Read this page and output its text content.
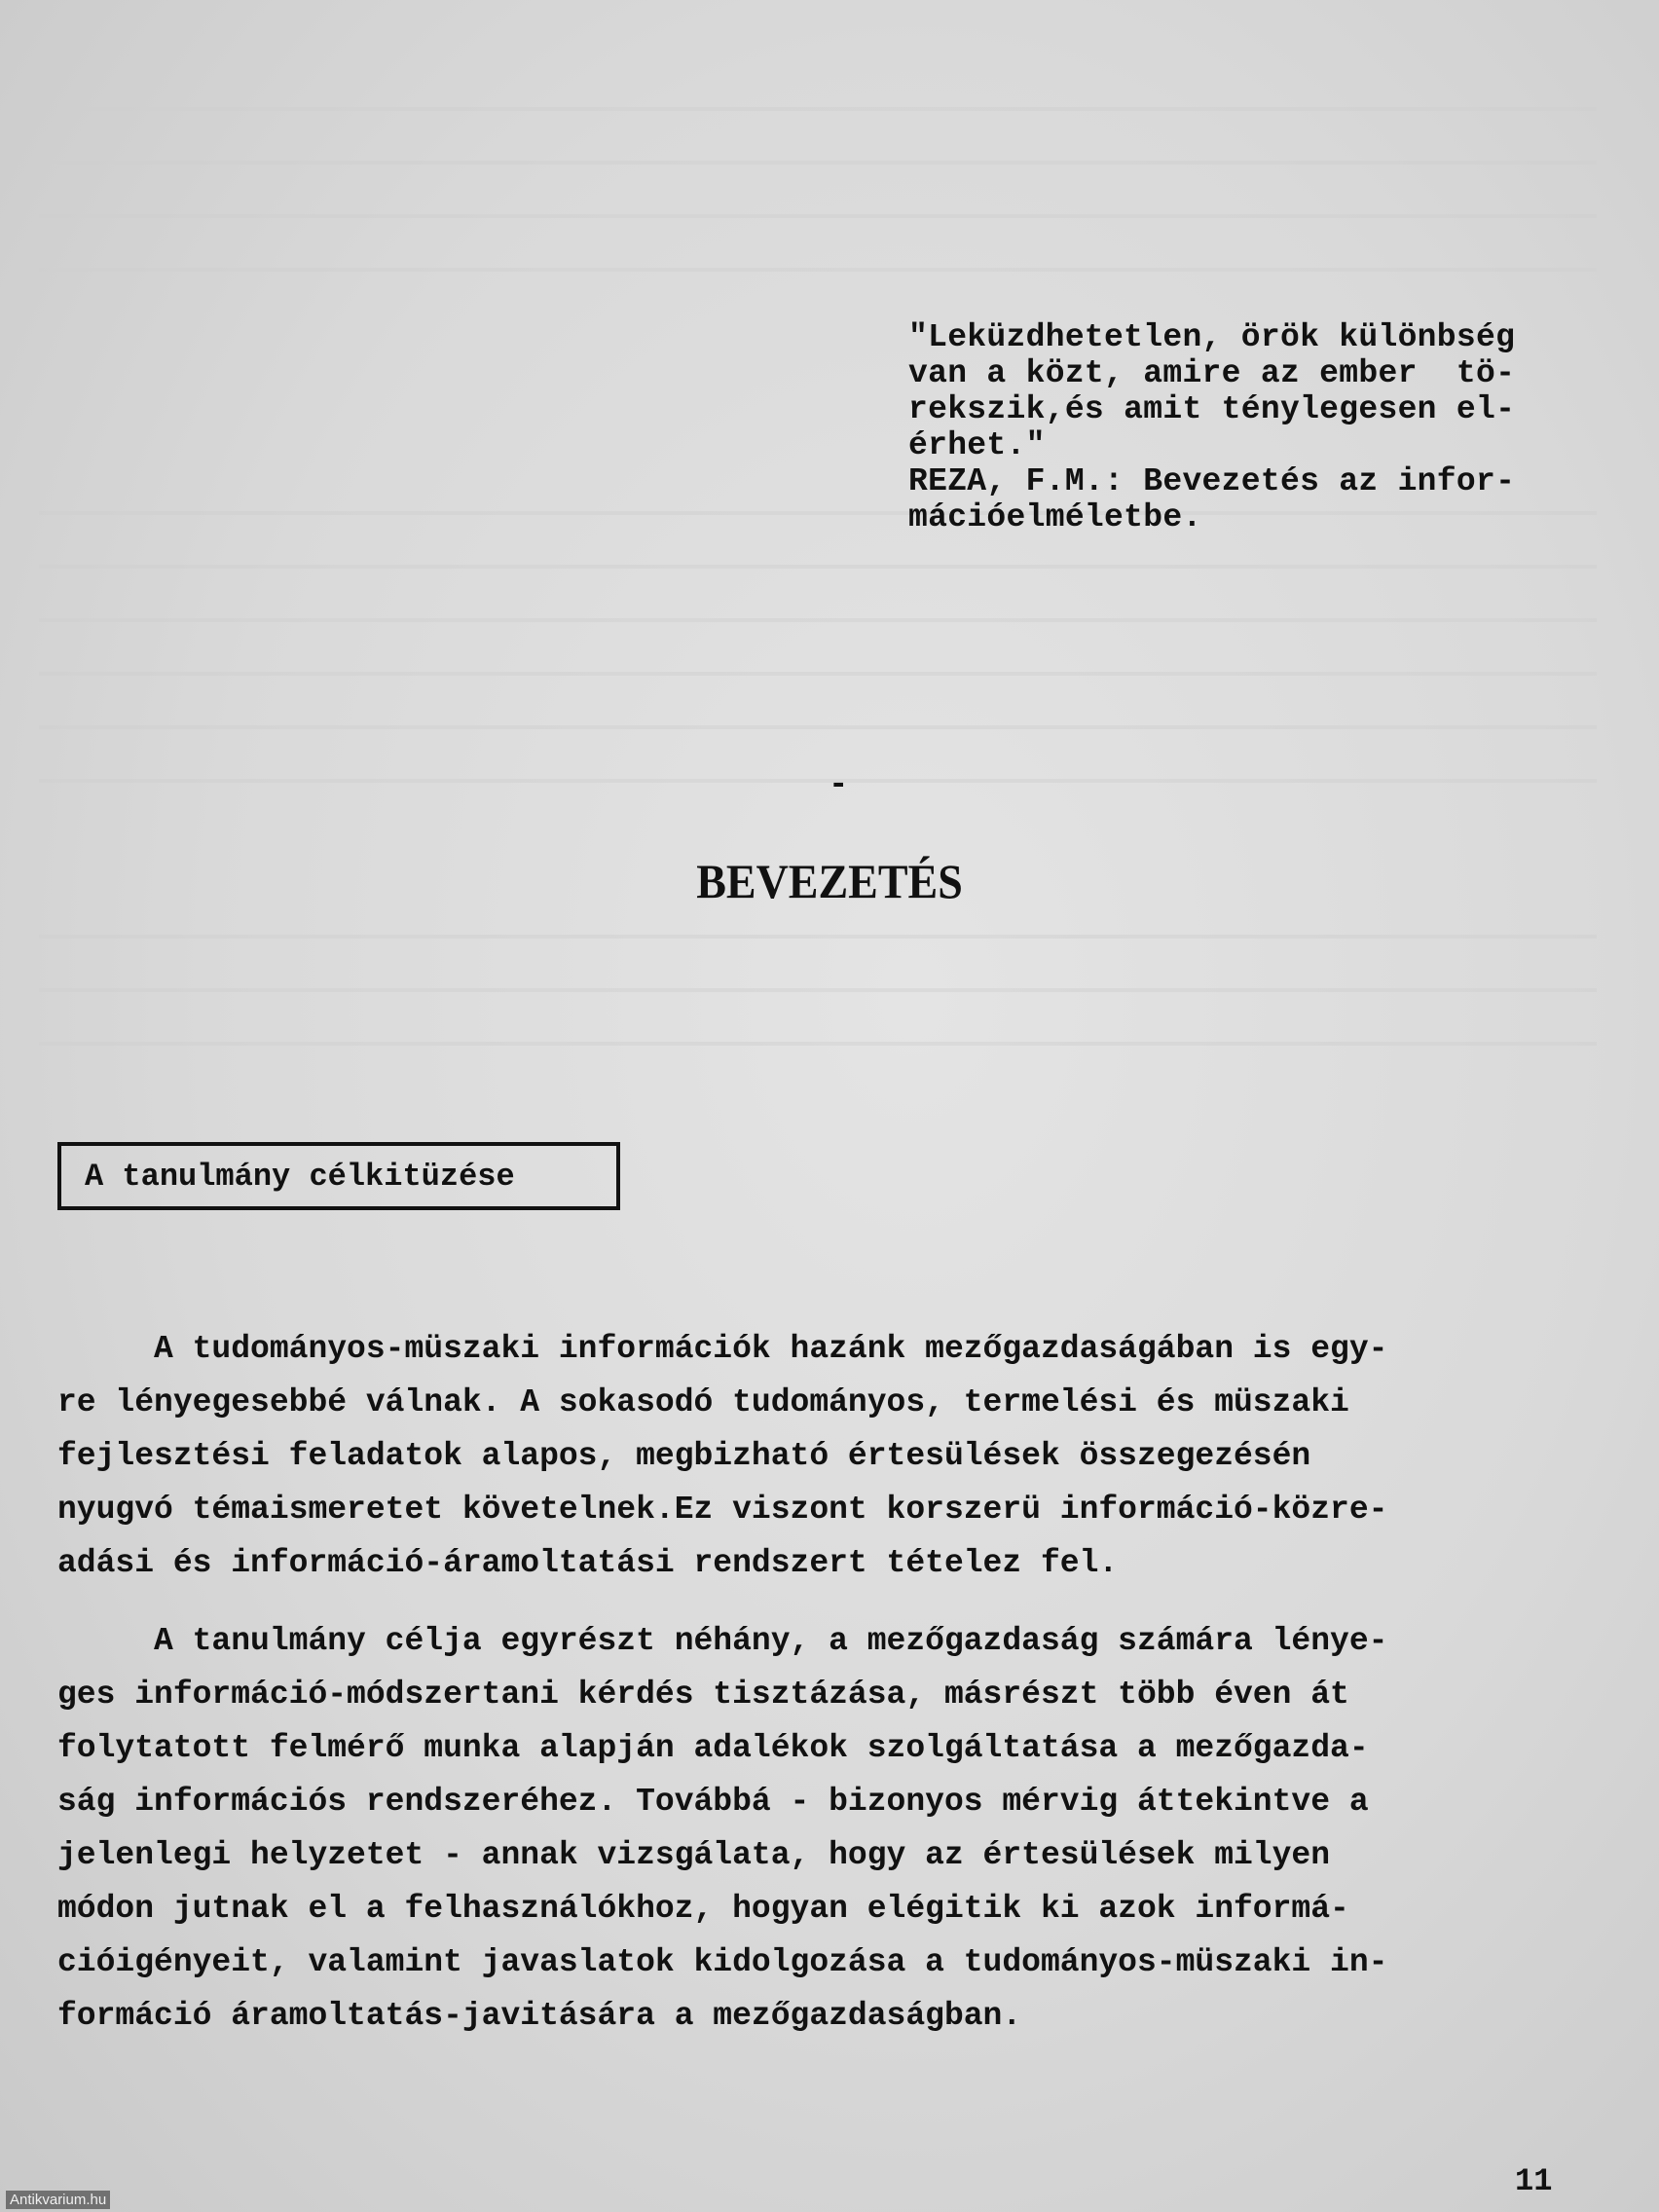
"Leküzdhetetlen, örök különbség
van a közt, amire az ember  tö-
rekszik,és amit ténylegesen el-
érhet."
REZA, F.M.: Bevezetés az infor-
mációelméletbe.
-
BEVEZETÉS
A tanulmány célkitüzése
A tudományos-müszaki információk hazánk mezőgazdaságában is egy-
re lényegesebbé válnak. A sokasodó tudományos, termelési és müszaki
fejlesztési feladatok alapos, megbizható értesülések összegezésén
nyugvó témaismeretet követelnek.Ez viszont korszerü információ-közre-
adási és információ-áramoltatási rendszert tételez fel.
A tanulmány célja egyrészt néhány, a mezőgazdaság számára lénye-
ges információ-módszertani kérdés tisztázása, másrészt több éven át
folytatott felmérő munka alapján adalékok szolgáltatása a mezőgazda-
ság információs rendszeréhez. Továbbá - bizonyos mérvig áttekintve a
jelenlegi helyzetet - annak vizsgálata, hogy az értesülések milyen
módon jutnak el a felhasználókhoz, hogyan elégitik ki azok informá-
cióigényeit, valamint javaslatok kidolgozása a tudományos-müszaki in-
formáció áramoltatás-javitására a mezőgazdaságban.
11
Antikvarium.hu
